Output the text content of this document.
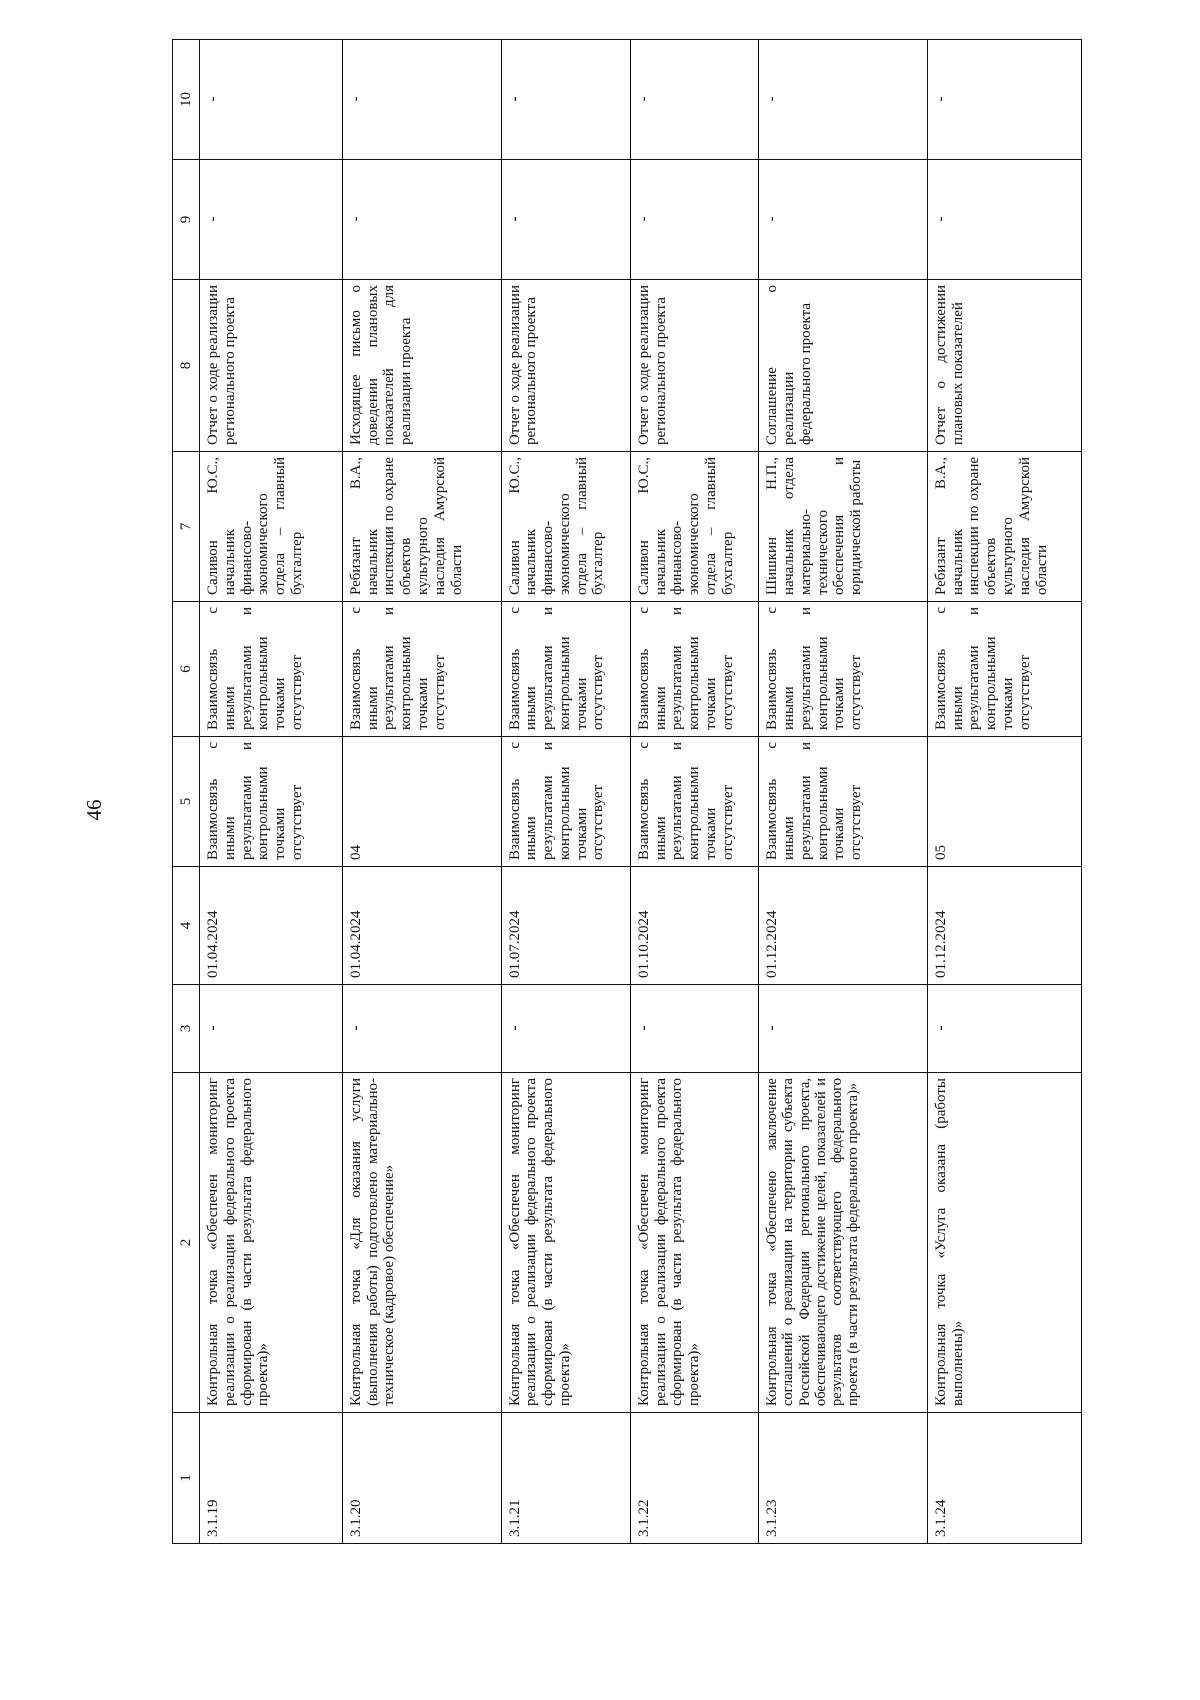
46
1	2	3	4	5	6	7	8	9	10
3.1.19	Контрольная точка «Обеспечен мониторинг реализации о реализации федерального проекта сформирован (в части результата федерального проекта)»	-	01.04.2024	Взаимосвязь с иными результатами и контрольными точками отсутствует	Взаимосвязь с иными результатами и контрольными точками отсутствует	Саливон Ю.С., начальник финансово-экономического отдела – главный бухгалтер	Отчет о ходе реализации регионального проекта	-	-
3.1.20	Контрольная точка «Для оказания услуги (выполнения работы) подготовлено материально-техническое (кадровое) обеспечение»	-	01.04.2024	04	Взаимосвязь с иными результатами и контрольными точками отсутствует	Ребизант В.А., начальник инспекции по охране объектов культурного наследия Амурской области	Исходящее письмо о доведении плановых показателей для реализации проекта	-	-
3.1.21	Контрольная точка «Обеспечен мониторинг реализации о реализации федерального проекта сформирован (в части результата федерального проекта)»	-	01.07.2024	Взаимосвязь с иными результатами и контрольными точками отсутствует	Взаимосвязь с иными результатами и контрольными точками отсутствует	Саливон Ю.С., начальник финансово-экономического отдела – главный бухгалтер	Отчет о ходе реализации регионального проекта	-	-
3.1.22	Контрольная точка «Обеспечен мониторинг реализации о реализации федерального проекта сформирован (в части результата федерального проекта)»	-	01.10.2024	Взаимосвязь с иными результатами и контрольными точками отсутствует	Взаимосвязь с иными результатами и контрольными точками отсутствует	Саливон Ю.С., начальник финансово-экономического отдела – главный бухгалтер	Отчет о ходе реализации регионального проекта	-	-
3.1.23	Контрольная точка «Обеспечено заключение соглашений о реализации на территории субъекта Российской Федерации регионального проекта, обеспечивающего достижение целей, показателей и результатов соответствующего федерального проекта (в части результата федерального проекта)»	-	01.12.2024	Взаимосвязь с иными результатами и контрольными точками отсутствует	Взаимосвязь с иными результатами и контрольными точками отсутствует	Шишкин Н.П., начальник отдела материально-технического обеспечения и юридической работы	Соглашение о реализации федерального проекта	-	-
3.1.24	Контрольная точка «Услуга оказана (работы выполнены)»	-	01.12.2024	05	Взаимосвязь с иными результатами и контрольными точками отсутствует	Ребизант В.А., начальник инспекции по охране объектов культурного наследия Амурской области	Отчет о достижении плановых показателей	-	-
